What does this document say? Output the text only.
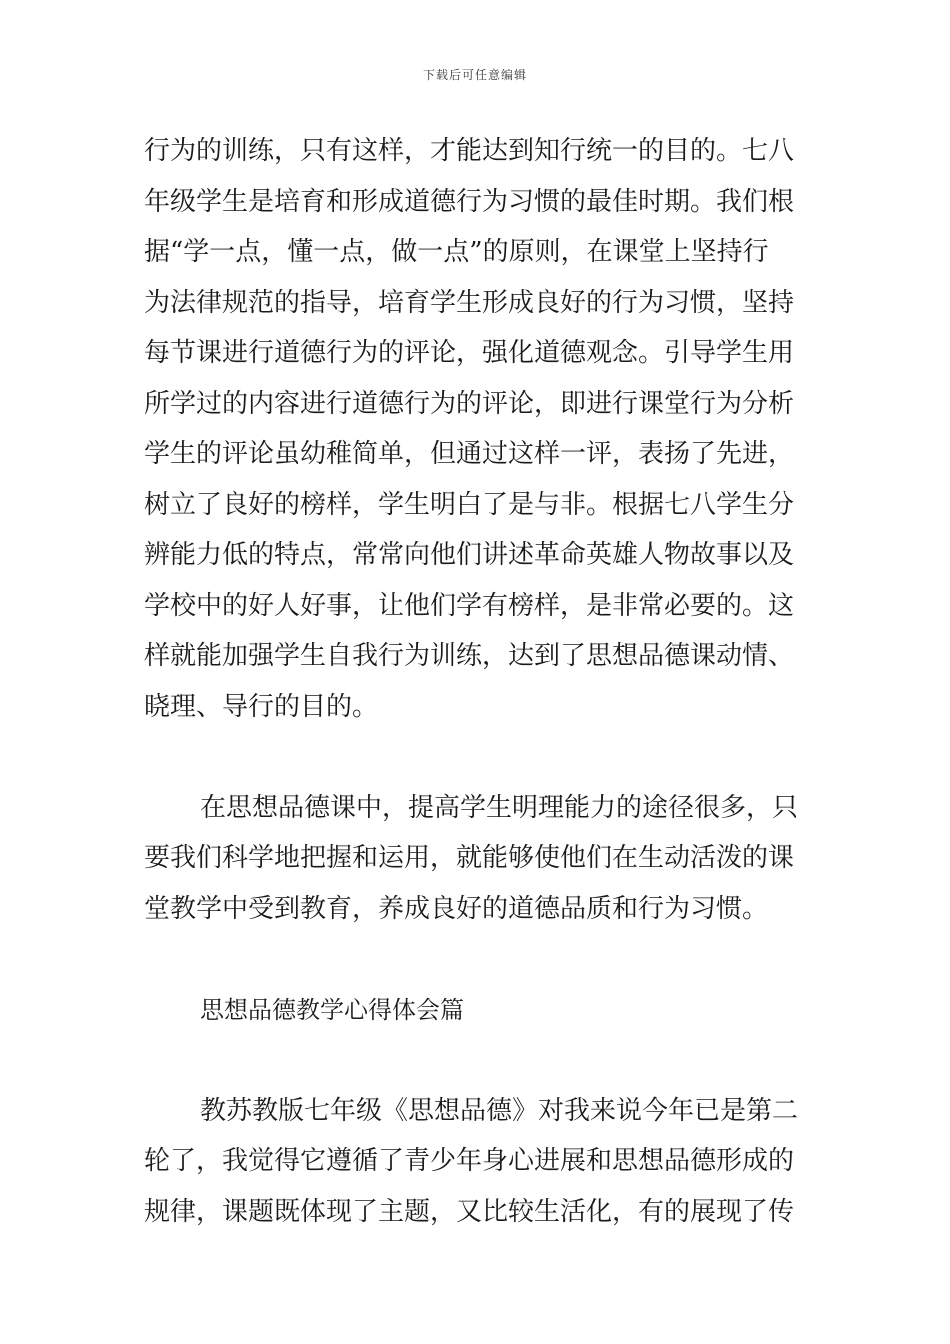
下载后可任意编辑
行为的训练，只有这样，才能达到知行统一的目的。七八
年级学生是培育和形成道德行为习惯的最佳时期。我们根
据“学一点，懂一点，做一点”的原则，在课堂上坚持行
为法律规范的指导，培育学生形成良好的行为习惯，坚持
每节课进行道德行为的评论，强化道德观念。引导学生用
所学过的内容进行道德行为的评论，即进行课堂行为分析
学生的评论虽幼稚简单，但通过这样一评，表扬了先进，
树立了良好的榜样，学生明白了是与非。根据七八学生分
辨能力低的特点，常常向他们讲述革命英雄人物故事以及
学校中的好人好事，让他们学有榜样，是非常必要的。这
样就能加强学生自我行为训练，达到了思想品德课动情、
晓理、导行的目的。
在思想品德课中，提高学生明理能力的途径很多，只
要我们科学地把握和运用，就能够使他们在生动活泼的课
堂教学中受到教育，养成良好的道德品质和行为习惯。
思想品德教学心得体会篇
教苏教版七年级《思想品德》对我来说今年已是第二
轮了，我觉得它遵循了青少年身心进展和思想品德形成的
规律，课题既体现了主题，又比较生活化，有的展现了传
